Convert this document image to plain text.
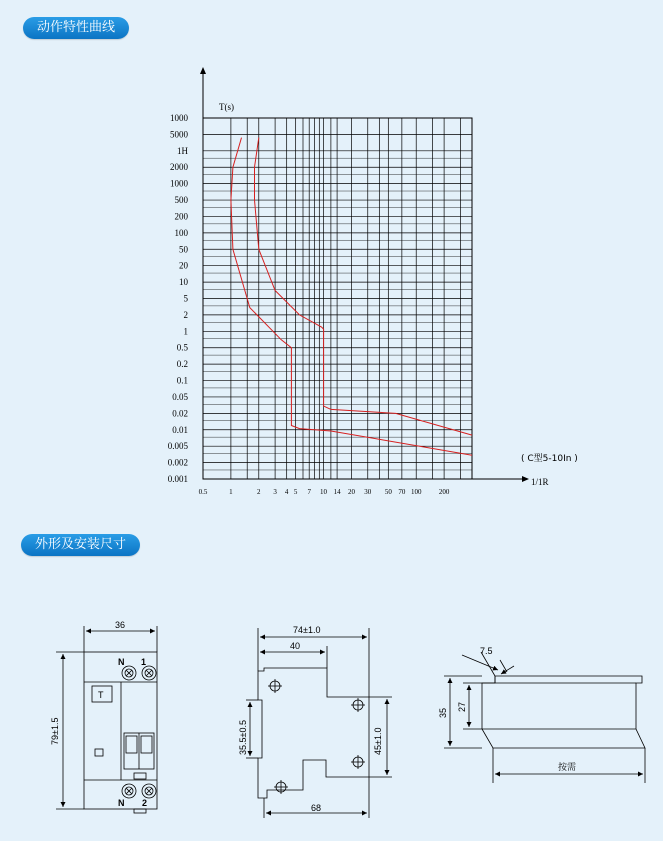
动作特性曲线
外形及安装尺寸
1000
5000
1H
2000
1000
500
200
100
50
20
10
5
2
1
0.5
0.2
0.1
0.05
0.02
0.01
0.005
0.002
0.001
0.5	1	2 3 4 5 7 10 14 20 30 50 70 100 200
T(s)
1/1R
( C型5-10In )
36
79±1.5
N 1
N 2
T
74±1.0
40
68
35.5±0.5	45±1.0
7.5
35
27
按需
